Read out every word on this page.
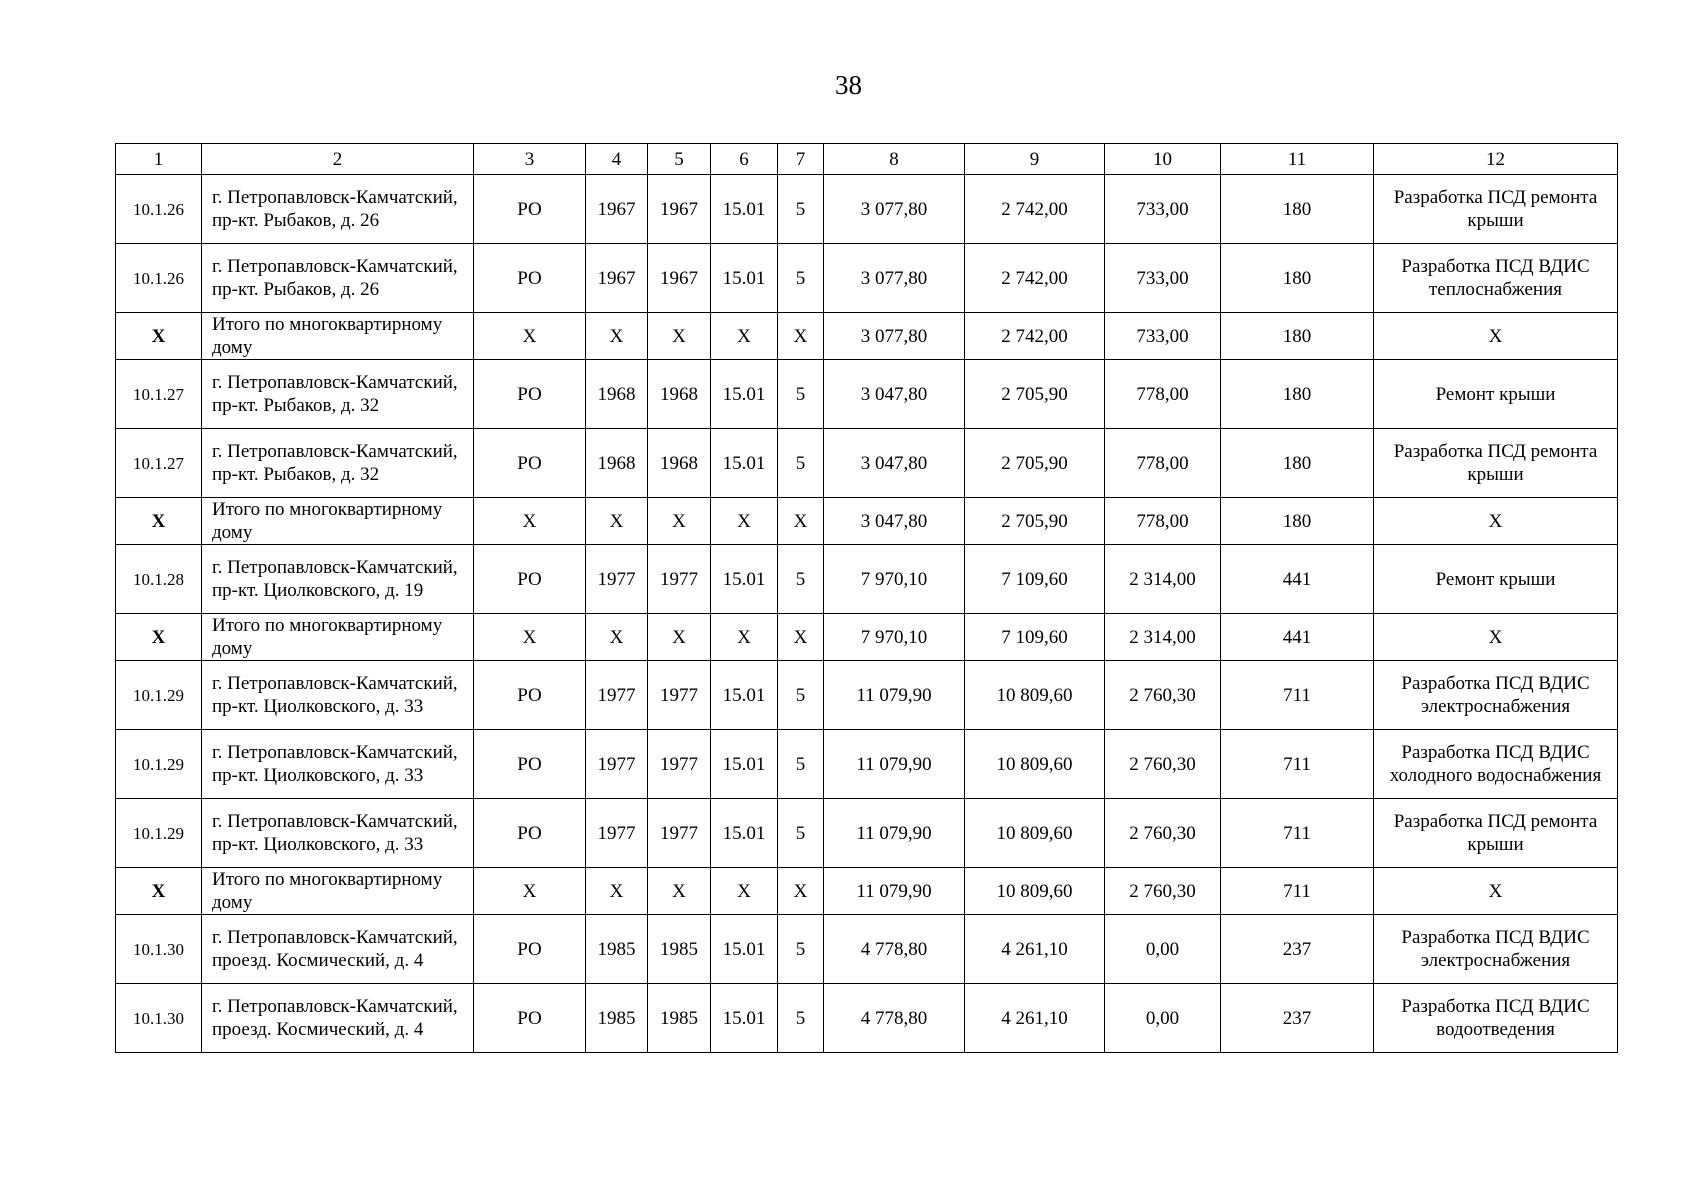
38
1	2	3	4	5	6	7	8	9	10	11	12
10.1.26	г. Петропавловск-Камчатский, пр-кт. Рыбаков, д. 26	РО	1967	1967	15.01	5	3 077,80	2 742,00	733,00	180	Разработка ПСД ремонта крыши
10.1.26	г. Петропавловск-Камчатский, пр-кт. Рыбаков, д. 26	РО	1967	1967	15.01	5	3 077,80	2 742,00	733,00	180	Разработка ПСД ВДИС теплоснабжения
Х	Итого по многоквартирному дому	Х	Х	Х	Х	Х	3 077,80	2 742,00	733,00	180	Х
10.1.27	г. Петропавловск-Камчатский, пр-кт. Рыбаков, д. 32	РО	1968	1968	15.01	5	3 047,80	2 705,90	778,00	180	Ремонт крыши
10.1.27	г. Петропавловск-Камчатский, пр-кт. Рыбаков, д. 32	РО	1968	1968	15.01	5	3 047,80	2 705,90	778,00	180	Разработка ПСД ремонта крыши
Х	Итого по многоквартирному дому	Х	Х	Х	Х	Х	3 047,80	2 705,90	778,00	180	Х
10.1.28	г. Петропавловск-Камчатский, пр-кт. Циолковского, д. 19	РО	1977	1977	15.01	5	7 970,10	7 109,60	2 314,00	441	Ремонт крыши
Х	Итого по многоквартирному дому	Х	Х	Х	Х	Х	7 970,10	7 109,60	2 314,00	441	Х
10.1.29	г. Петропавловск-Камчатский, пр-кт. Циолковского, д. 33	РО	1977	1977	15.01	5	11 079,90	10 809,60	2 760,30	711	Разработка ПСД ВДИС электроснабжения
10.1.29	г. Петропавловск-Камчатский, пр-кт. Циолковского, д. 33	РО	1977	1977	15.01	5	11 079,90	10 809,60	2 760,30	711	Разработка ПСД ВДИС холодного водоснабжения
10.1.29	г. Петропавловск-Камчатский, пр-кт. Циолковского, д. 33	РО	1977	1977	15.01	5	11 079,90	10 809,60	2 760,30	711	Разработка ПСД ремонта крыши
Х	Итого по многоквартирному дому	Х	Х	Х	Х	Х	11 079,90	10 809,60	2 760,30	711	Х
10.1.30	г. Петропавловск-Камчатский, проезд. Космический, д. 4	РО	1985	1985	15.01	5	4 778,80	4 261,10	0,00	237	Разработка ПСД ВДИС электроснабжения
10.1.30	г. Петропавловск-Камчатский, проезд. Космический, д. 4	РО	1985	1985	15.01	5	4 778,80	4 261,10	0,00	237	Разработка ПСД ВДИС водоотведения
